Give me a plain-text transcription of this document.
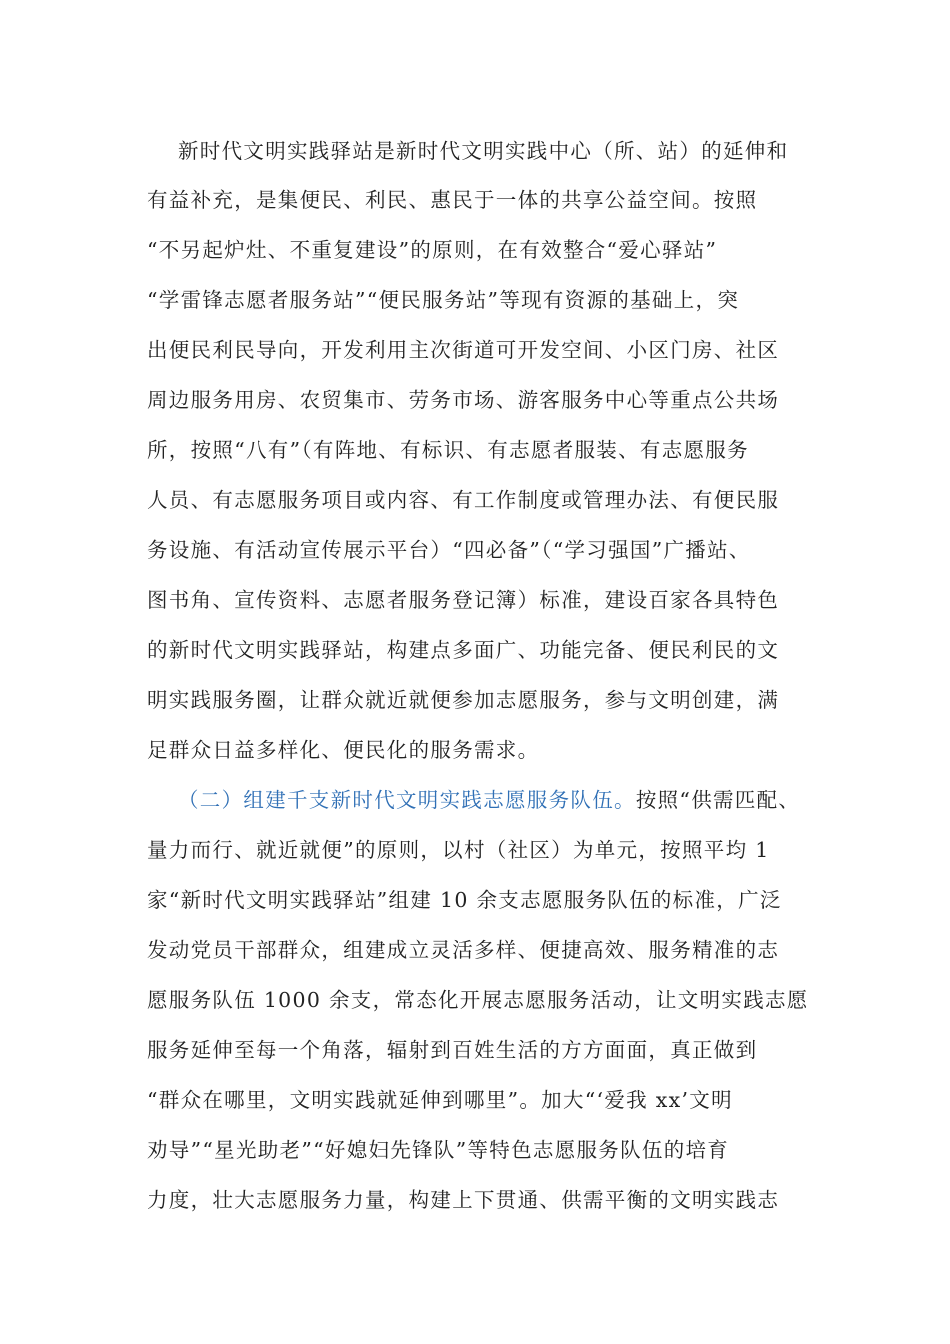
新时代文明实践驿站是新时代文明实践中心（所、站）的延伸和
有益补充，是集便民、利民、惠民于一体的共享公益空间。按照
“不另起炉灶、不重复建设”的原则，在有效整合“爱心驿站”
“学雷锋志愿者服务站”“便民服务站”等现有资源的基础上，突
出便民利民导向，开发利用主次街道可开发空间、小区门房、社区
周边服务用房、农贸集市、劳务市场、游客服务中心等重点公共场
所，按照“八有”（有阵地、有标识、有志愿者服装、有志愿服务
人员、有志愿服务项目或内容、有工作制度或管理办法、有便民服
务设施、有活动宣传展示平台）“四必备”（“学习强国”广播站、
图书角、宣传资料、志愿者服务登记簿）标准，建设百家各具特色
的新时代文明实践驿站，构建点多面广、功能完备、便民利民的文
明实践服务圈，让群众就近就便参加志愿服务，参与文明创建，满
足群众日益多样化、便民化的服务需求。
（二）组建千支新时代文明实践志愿服务队伍。按照“供需匹配、
量力而行、就近就便”的原则，以村（社区）为单元，按照平均 1
家“新时代文明实践驿站”组建 10 余支志愿服务队伍的标准，广泛
发动党员干部群众，组建成立灵活多样、便捷高效、服务精准的志
愿服务队伍 1000 余支，常态化开展志愿服务活动，让文明实践志愿
服务延伸至每一个角落，辐射到百姓生活的方方面面，真正做到
“群众在哪里，文明实践就延伸到哪里”。加大“‘爱我 xx’文明
劝导”“星光助老”“好媳妇先锋队”等特色志愿服务队伍的培育
力度，壮大志愿服务力量，构建上下贯通、供需平衡的文明实践志
